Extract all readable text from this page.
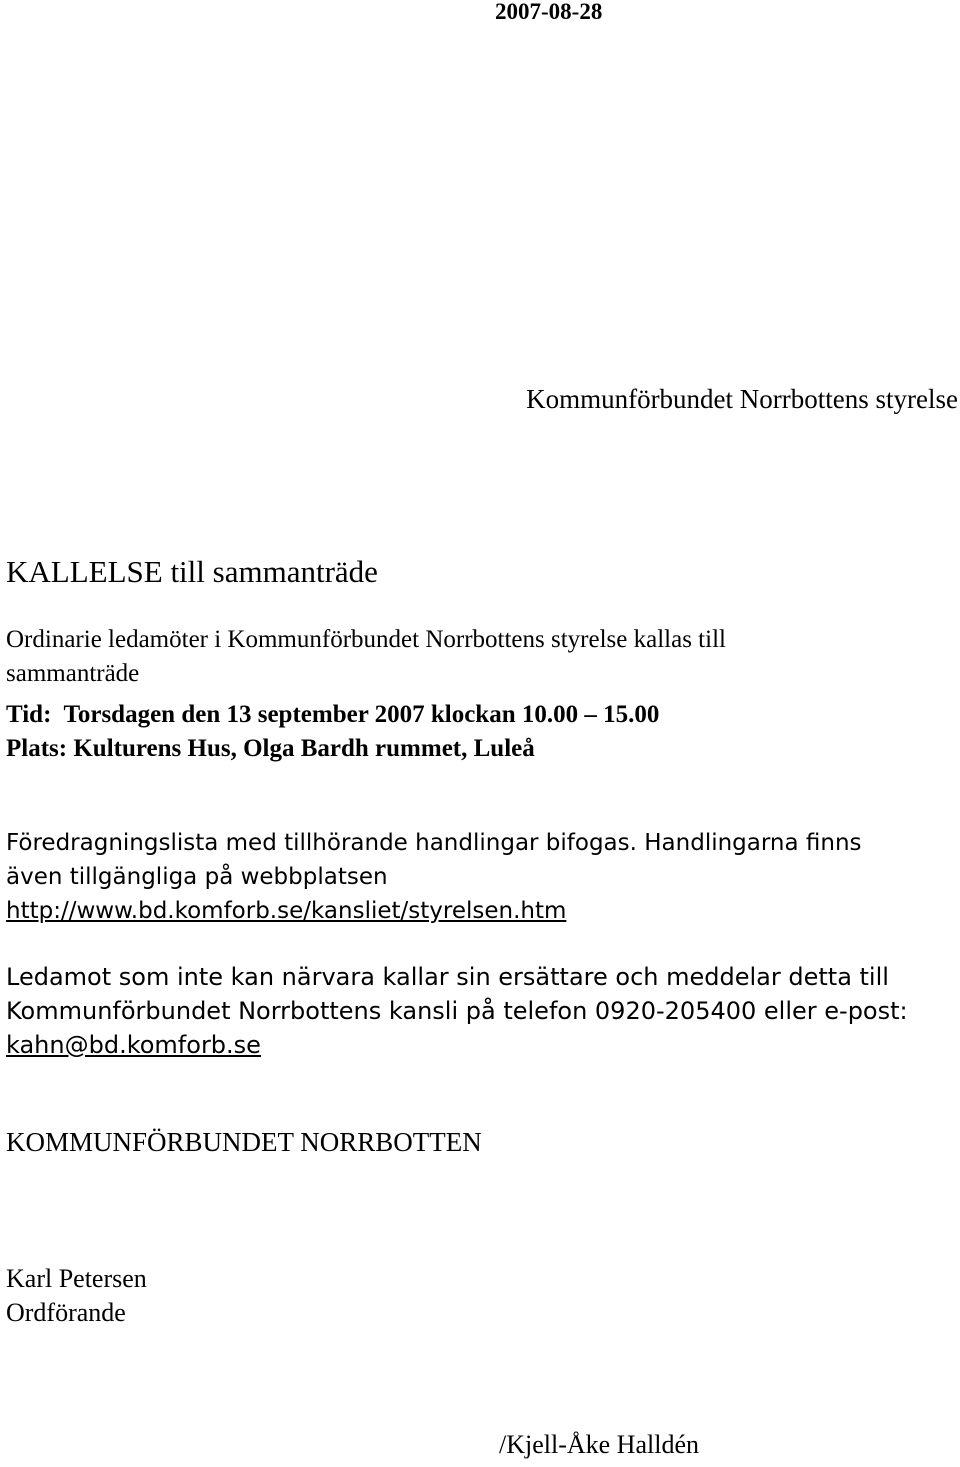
2007-08-28
Kommunförbundet Norrbottens styrelse
KALLELSE till sammanträde
Ordinarie ledamöter i Kommunförbundet Norrbottens styrelse kallas till
sammanträde
Tid: Torsdagen den 13 september 2007 klockan 10.00 – 15.00
Plats: Kulturens Hus, Olga Bardh rummet, Luleå
Föredragningslista med tillhörande handlingar bifogas. Handlingarna finns
även tillgängliga på webbplatsen
http://www.bd.komforb.se/kansliet/styrelsen.htm
Ledamot som inte kan närvara kallar sin ersättare och meddelar detta till
Kommunförbundet Norrbottens kansli på telefon 0920-205400 eller e-post:
kahn@bd.komforb.se
KOMMUNFÖRBUNDET NORRBOTTEN
Karl Petersen
Ordförande
/Kjell-Åke Halldén
